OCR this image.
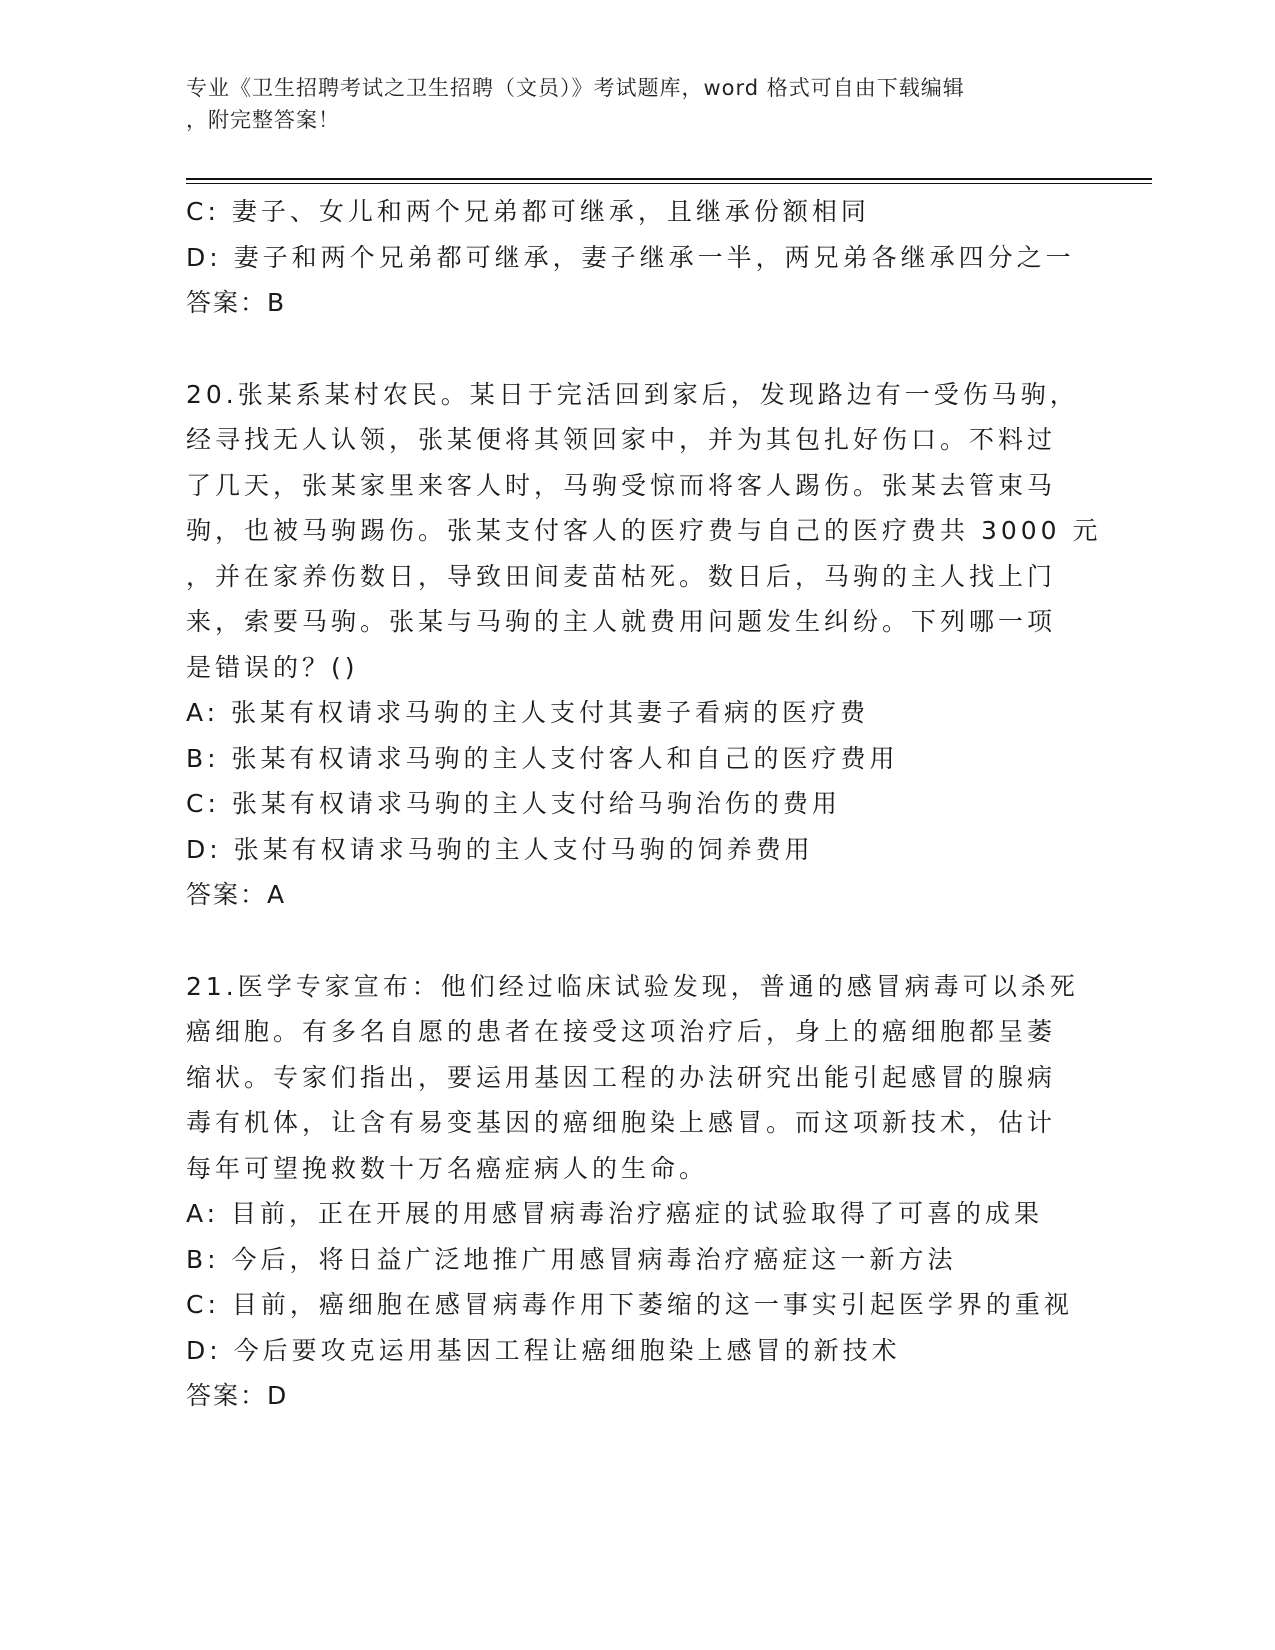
专业《卫生招聘考试之卫生招聘（文员）》考试题库，word 格式可自由下载编辑
，附完整答案！
C: 妻子、女儿和两个兄弟都可继承，且继承份额相同
D: 妻子和两个兄弟都可继承，妻子继承一半，两兄弟各继承四分之一
答案：B
20.张某系某村农民。某日于完活回到家后，发现路边有一受伤马驹，
经寻找无人认领，张某便将其领回家中，并为其包扎好伤口。不料过
了几天，张某家里来客人时，马驹受惊而将客人踢伤。张某去管束马
驹，也被马驹踢伤。张某支付客人的医疗费与自己的医疗费共 3000 元
，并在家养伤数日，导致田间麦苗枯死。数日后，马驹的主人找上门
来，索要马驹。张某与马驹的主人就费用问题发生纠纷。下列哪一项
是错误的？()
A: 张某有权请求马驹的主人支付其妻子看病的医疗费
B: 张某有权请求马驹的主人支付客人和自己的医疗费用
C: 张某有权请求马驹的主人支付给马驹治伤的费用
D: 张某有权请求马驹的主人支付马驹的饲养费用
答案：A
21.医学专家宣布：他们经过临床试验发现，普通的感冒病毒可以杀死
癌细胞。有多名自愿的患者在接受这项治疗后，身上的癌细胞都呈萎
缩状。专家们指出，要运用基因工程的办法研究出能引起感冒的腺病
毒有机体，让含有易变基因的癌细胞染上感冒。而这项新技术，估计
每年可望挽救数十万名癌症病人的生命。
A: 目前，正在开展的用感冒病毒治疗癌症的试验取得了可喜的成果
B: 今后，将日益广泛地推广用感冒病毒治疗癌症这一新方法
C: 目前，癌细胞在感冒病毒作用下萎缩的这一事实引起医学界的重视
D: 今后要攻克运用基因工程让癌细胞染上感冒的新技术
答案：D
